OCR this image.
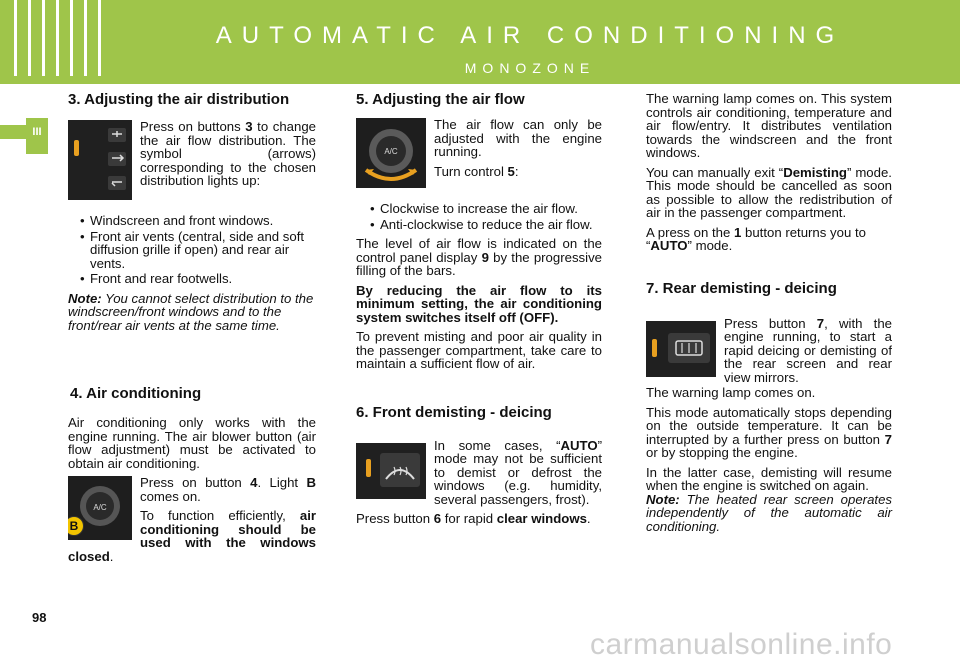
AUTOMATIC AIR CONDITIONING
MONOZONE
III
3. Adjusting the air distribution

Press on buttons 3 to change the air flow distribution. The symbol (arrows) corresponding to the chosen distribution lights up:

• Windscreen and front windows.
• Front air vents (central, side and soft diffusion grille if open) and rear air vents.
• Front and rear footwells.

Note: You cannot select distribution to the windscreen/front windows and to the front/rear air vents at the same time.

4. Air conditioning

Air conditioning only works with the engine running. The air blower button (air flow adjustment) must be activated to obtain air conditioning.

A/C
B

Press on button 4. Light B comes on.

To function efficiently, air conditioning should be used with the windows closed.

5. Adjusting the air flow
A/C

The air flow can only be adjusted with the engine running.

Turn control 5:

• Clockwise to increase the air flow.
• Anti-clockwise to reduce the air flow.

The level of air flow is indicated on the control panel display 9 by the progressive filling of the bars.

By reducing the air flow to its minimum setting, the air conditioning system switches itself off (OFF).

To prevent misting and poor air quality in the passenger compartment, take care to maintain a sufficient flow of air.

6. Front demisting - deicing

In some cases, “AUTO” mode may not be sufficient to demist or defrost the windows (e.g. humidity, several passengers, frost).

Press button 6 for rapid clear windows.

The warning lamp comes on. This system controls air conditioning, temperature and air flow/entry. It distributes ventilation towards the windscreen and the front windows.

You can manually exit “Demisting” mode. This mode should be cancelled as soon as possible to allow the redistribution of air in the passenger compartment.

A press on the 1 button returns you to “AUTO” mode.

7. Rear demisting - deicing

Press button 7, with the engine running, to start a rapid deicing or demisting of the rear screen and rear view mirrors.

The warning lamp comes on.

This mode automatically stops depending on the outside temperature. It can be interrupted by a further press on button 7 or by stopping the engine.

In the latter case, demisting will resume when the engine is switched on again.

Note: The heated rear screen operates independently of the automatic air conditioning.

98
carmanualsonline.info
